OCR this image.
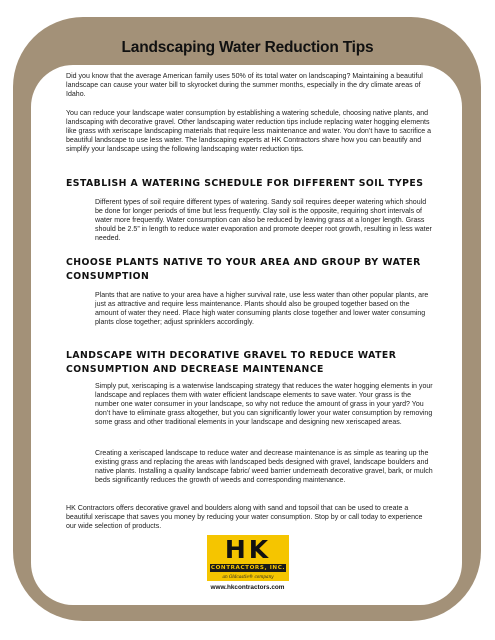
Landscaping Water Reduction Tips

Did you know that the average American family uses 50% of its total water on landscaping? Maintaining a beautiful landscape can cause your water bill to skyrocket during the summer months, especially in the dry climate areas of Idaho.

You can reduce your landscape water consumption by establishing a watering schedule, choosing native plants, and landscaping with decorative gravel. Other landscaping water reduction tips include replacing water hogging elements like grass with xeriscape landscaping materials that require less maintenance and water. You don’t have to sacrifice a beautiful landscape to use less water. The landscaping experts at HK Contractors share how you can beautify and simplify your landscape using the following landscaping water reduction tips.

ESTABLISH A WATERING SCHEDULE FOR DIFFERENT SOIL TYPES

Different types of soil require different types of watering. Sandy soil requires deeper watering which should be done for longer periods of time but less frequently. Clay soil is the opposite, requiring short intervals of water more frequently. Water consumption can also be reduced by leaving grass at a longer length. Grass should be 2.5” in length to reduce water evaporation and promote deeper root growth, resulting in less water needed.

CHOOSE PLANTS NATIVE TO YOUR AREA AND GROUP BY WATER CONSUMPTION

Plants that are native to your area have a higher survival rate, use less water than other popular plants, are just as attractive and require less maintenance. Plants should also be grouped together based on the amount of water they need. Place high water consuming plants close together and lower water consuming plants close together; adjust sprinklers accordingly.

LANDSCAPE WITH DECORATIVE GRAVEL TO REDUCE WATER CONSUMPTION AND DECREASE MAINTENANCE

Simply put, xeriscaping is a waterwise landscaping strategy that reduces the water hogging elements in your landscape and replaces them with water efficient landscape elements to save water. Your grass is the number one water consumer in your landscape, so why not reduce the amount of grass in your yard? You don’t have to eliminate grass altogether, but you can significantly lower your water consumption by removing some grass and other traditional elements in your landscape and designing new xeriscaped areas.

Creating a xeriscaped landscape to reduce water and decrease maintenance is as simple as tearing up the existing grass and replacing the areas with landscaped beds designed with gravel, landscape boulders and native plants. Installing a quality landscape fabric/ weed barrier underneath decorative gravel, bark, or mulch beds significantly reduces the growth of weeds and corresponding maintenance.

HK Contractors offers decorative gravel and boulders along with sand and topsoil that can be used to create a beautiful xeriscape that saves you money by reducing your water consumption. Stop by or call today to experience our wide selection of products.

HK
CONTRACTORS, INC.
an Oldcastle® company
www.hkcontractors.com
